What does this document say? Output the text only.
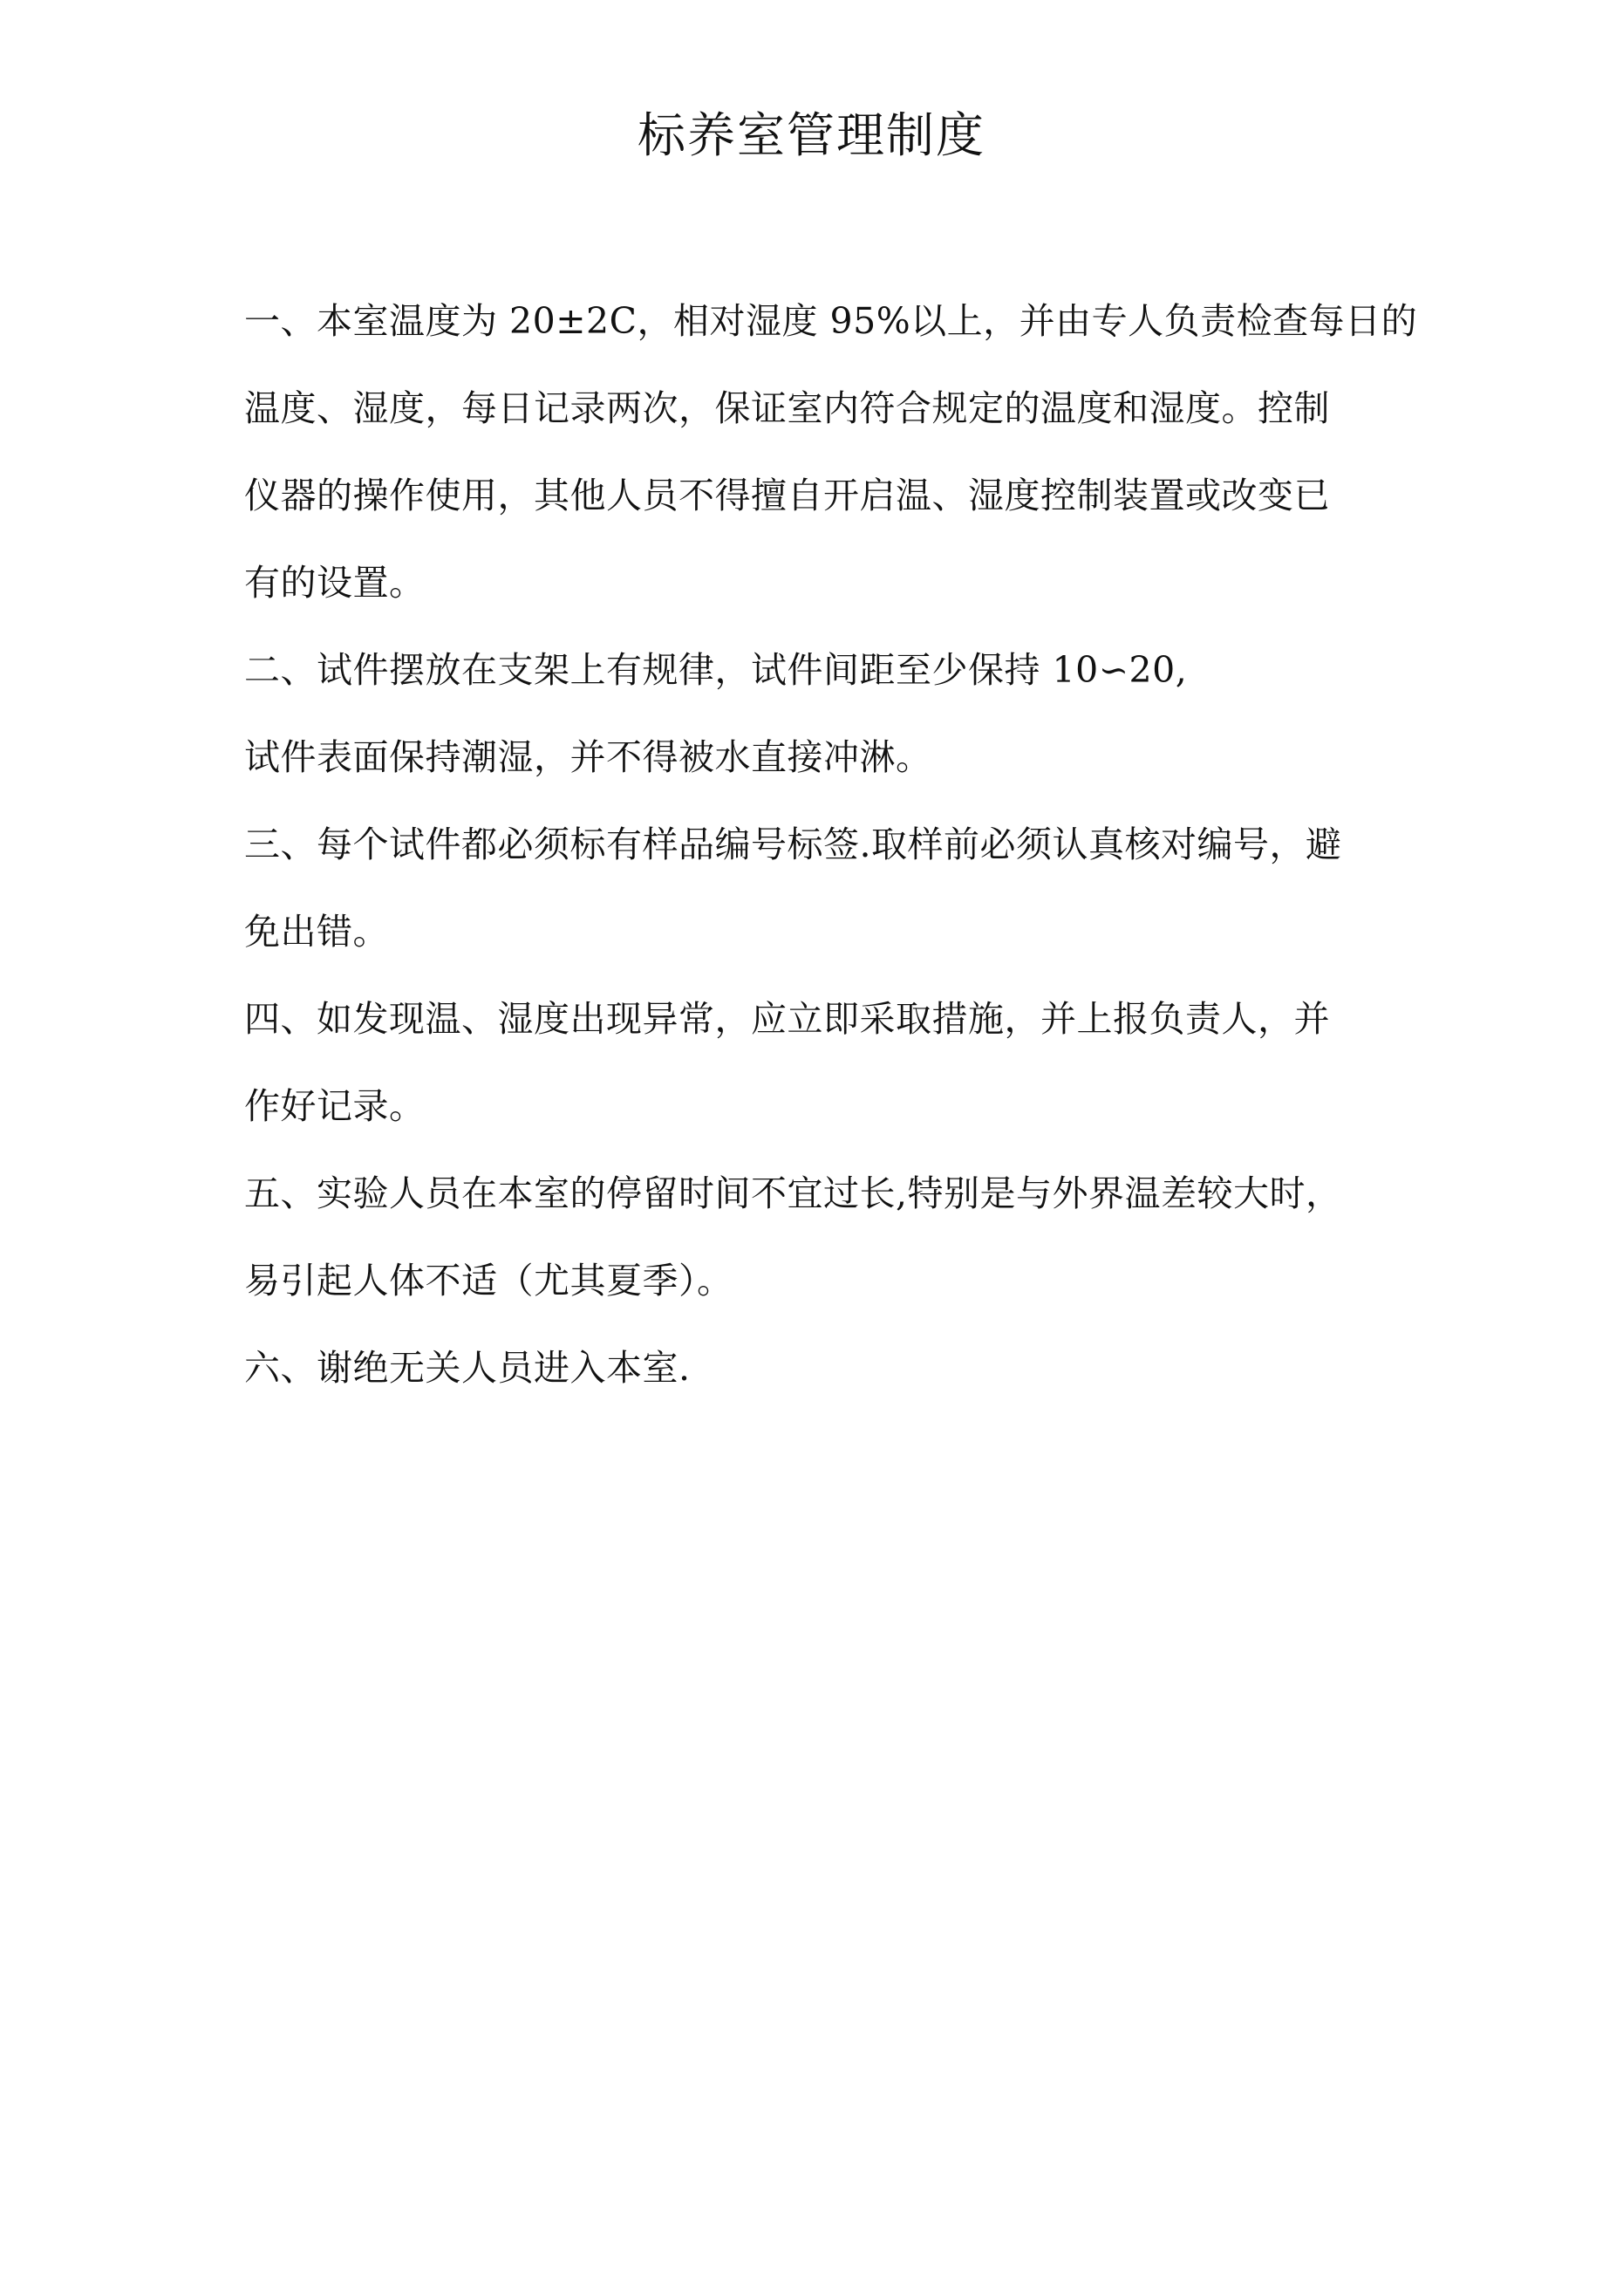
标养室管理制度
一、本室温度为 20±2C，相对湿度 95%以上，并由专人负责检查每日的
温度、湿度，每日记录两次，保证室内符合规定的温度和湿度。控制
仪器的操作使用，其他人员不得擅自开启温、湿度控制装置或改变已
有的设置。
二、试件摆放在支架上有规律，试件间距至少保持 10∽20,
试件表面保持潮湿，并不得被水直接冲淋。
三、每个试件都必须标有样品编号标签.取样前必须认真核对编号，避
免出错。
四、如发现温、湿度出现异常，应立即采取措施，并上报负责人，并
作好记录。
五、实验人员在本室的停留时间不宜过长,特别是与外界温差较大时，
易引起人体不适（尤其夏季）。
六、谢绝无关人员进入本室.
